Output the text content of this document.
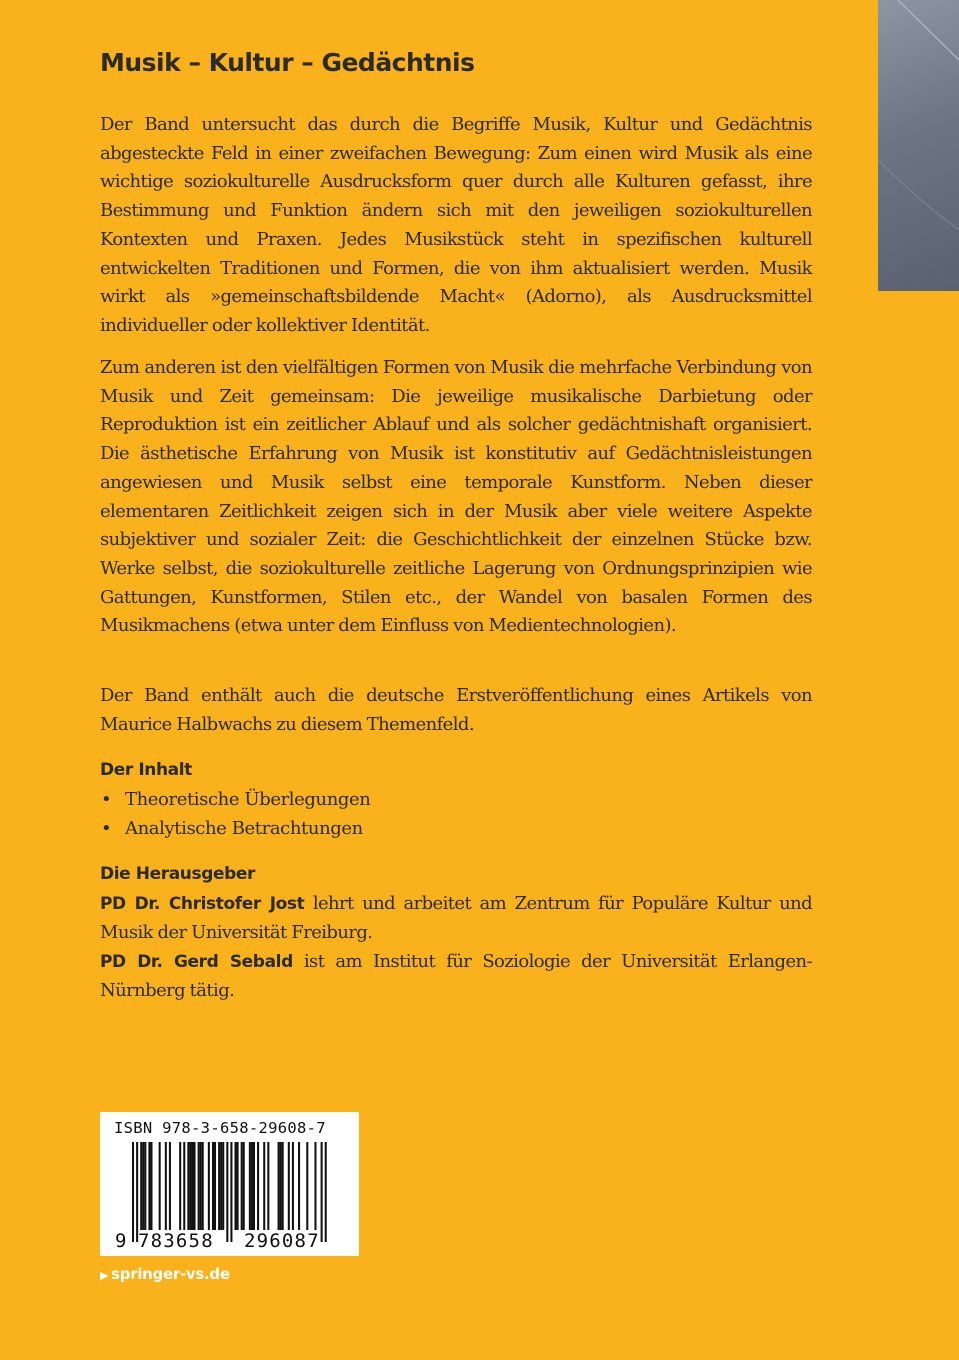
Musik – Kultur – Gedächtnis

Der Band untersucht das durch die Begriffe Musik, Kultur und Gedächtnis abgesteckte Feld in einer zweifachen Bewegung: Zum einen wird Musik als eine wichtige soziokulturelle Ausdrucksform quer durch alle Kulturen gefasst, ihre Bestimmung und Funktion ändern sich mit den jeweiligen soziokulturellen Kontexten und Praxen. Jedes Musikstück steht in spezifischen kulturell entwickelten Traditionen und Formen, die von ihm aktualisiert werden. Musik wirkt als »gemeinschaftsbildende Macht« (Adorno), als Ausdrucksmittel individueller oder kollektiver Identität.

Zum anderen ist den vielfältigen Formen von Musik die mehrfache Verbindung von Musik und Zeit gemeinsam: Die jeweilige musikalische Darbietung oder Reproduktion ist ein zeitlicher Ablauf und als solcher gedächtnishaft organisiert. Die ästhetische Erfahrung von Musik ist konstitutiv auf Gedächtnisleistungen angewiesen und Musik selbst eine temporale Kunstform. Neben dieser elementaren Zeitlichkeit zeigen sich in der Musik aber viele weitere Aspekte subjektiver und sozialer Zeit: die Geschichtlichkeit der einzelnen Stücke bzw. Werke selbst, die soziokulturelle zeitliche Lagerung von Ordnungsprinzipien wie Gattungen, Kunstformen, Stilen etc., der Wandel von basalen Formen des Musikmachens (etwa unter dem Einfluss von Medientechnologien).

Der Band enthält auch die deutsche Erstveröffentlichung eines Artikels von Maurice Halbwachs zu diesem Themenfeld.

Der Inhalt
• Theoretische Überlegungen
• Analytische Betrachtungen
Die Herausgeber

PD Dr. Christofer Jost lehrt und arbeitet am Zentrum für Populäre Kultur und Musik der Universität Freiburg.

PD Dr. Gerd Sebald ist am Institut für Soziologie der Universität Erlangen-Nürnberg tätig.

ISBN 978-3-658-29608-7
9 783658 296087
▶ springer-vs.de
